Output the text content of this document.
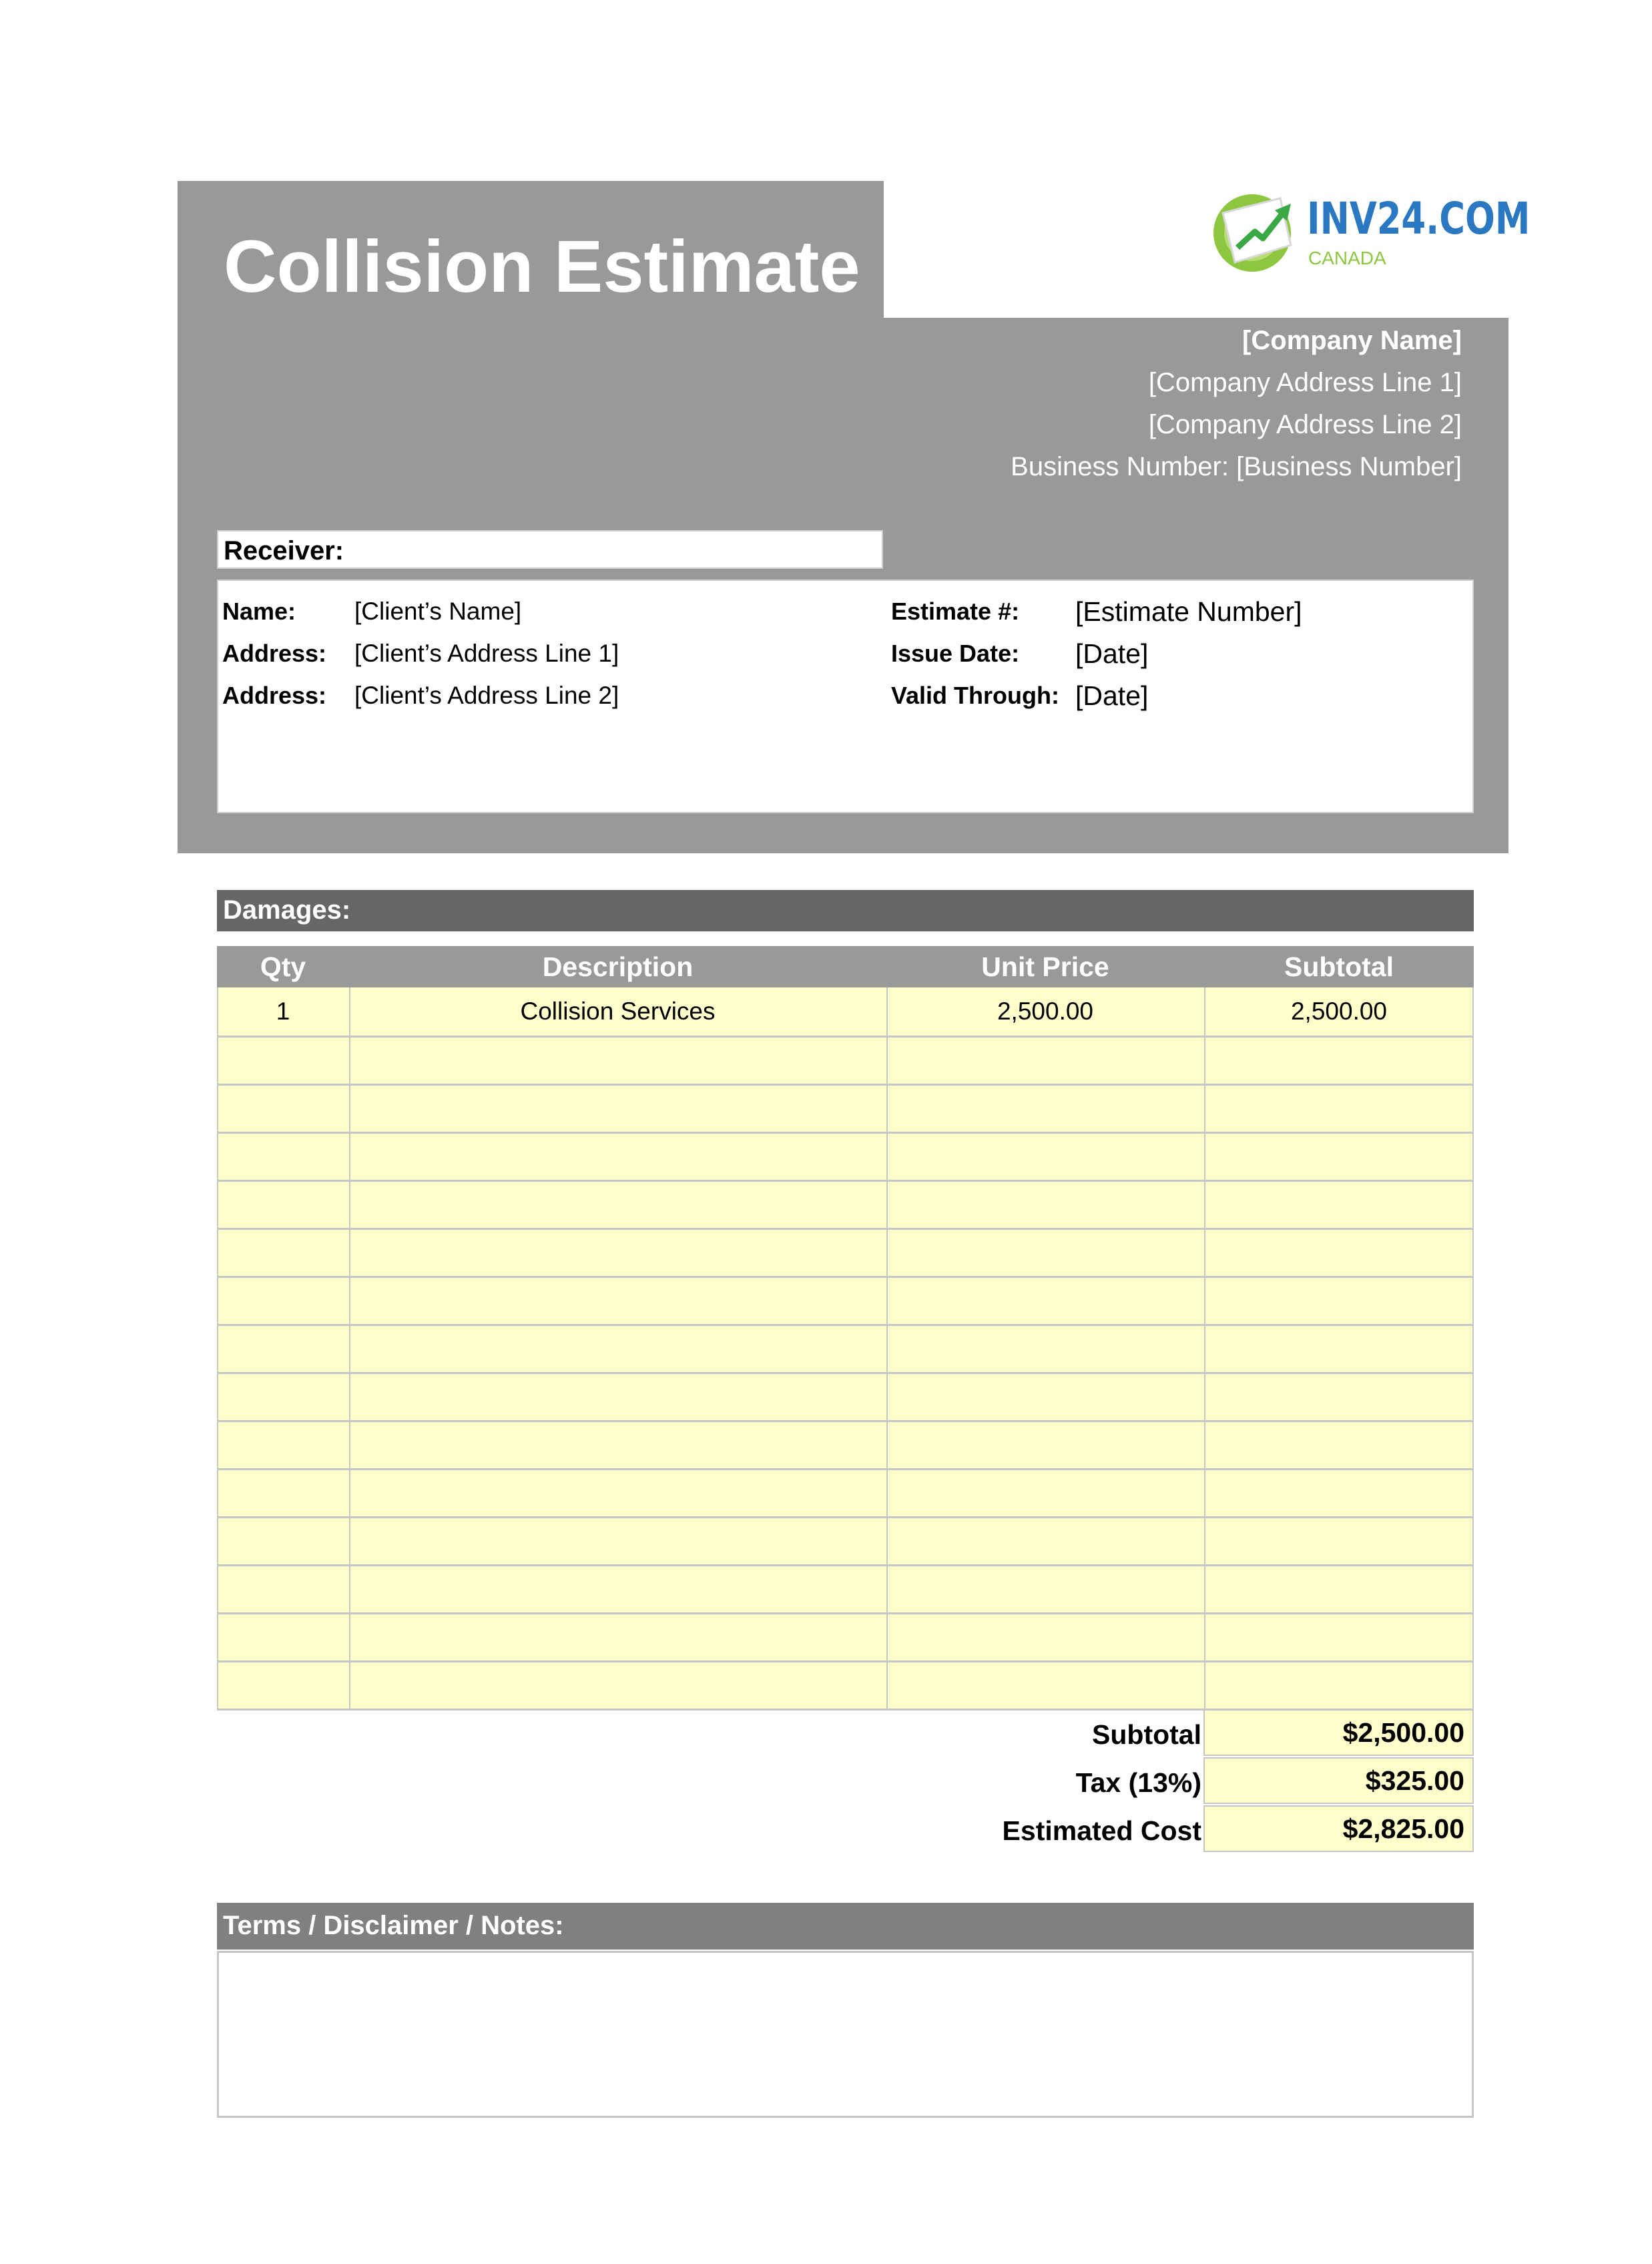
Collision Estimate
INV24.COM
CANADA
[Company Name]
[Company Address Line 1]
[Company Address Line 2]
Business Number: [Business Number]
Receiver:
Name: [Client’s Name]
Address: [Client’s Address Line 1]
Address: [Client’s Address Line 2]
Estimate #: [Estimate Number]
Issue Date: [Date]
Valid Through: [Date]
Damages:
Qty	Description	Unit Price	Subtotal
1	Collision Services	2,500.00	2,500.00
Subtotal	$2,500.00
Tax (13%)	$325.00
Estimated Cost	$2,825.00
Terms / Disclaimer / Notes:
